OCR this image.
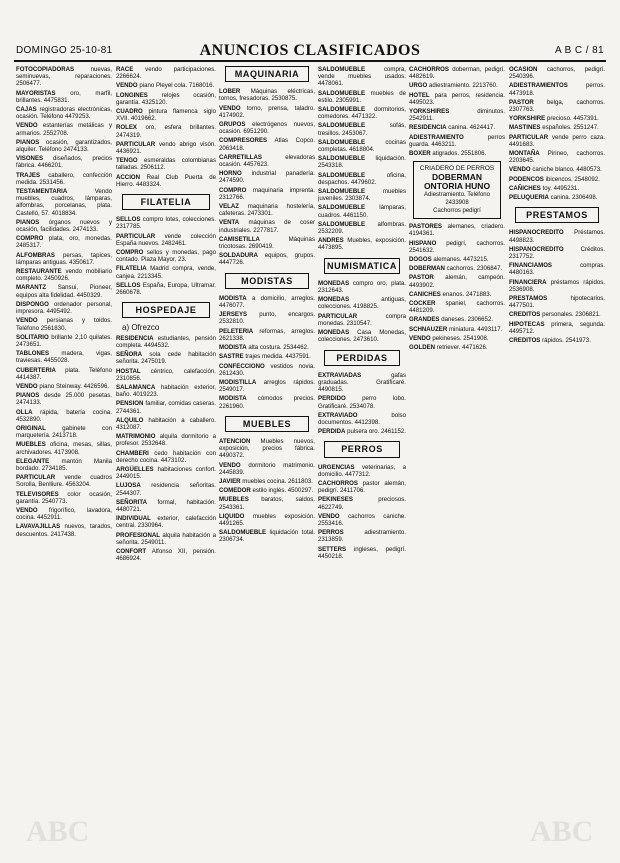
DOMINGO 25-10-81	ANUNCIOS CLASIFICADOS	A B C / 81

FOTOCOPIADORAS	nuevas, seminuevas, reparaciones. 2506477.

MAYORISTAS oro, marfil, brillantes. 4475831.

CAJAS registradoras electrónicas, ocasión. Teléfono 4479253.

VENDO estanterías metálicas y armarios. 2552708.

PIANOS ocasión, garantizados, alquiler. Teléfono 2474133.

VISONES diseñados, precios fábrica. 4466201.

TRAJES caballero, confección medida. 2531456.

TESTAMENTARIA	Vendo muebles, cuadros, lámparas, alfombras, porcelanas, plata. Castelló, 57. 4018834.

PIANOS órganos nuevos y ocasión, facilidades. 2474133.

COMPRO plata, oro, monedas. 2485317.

ALFOMBRAS persas, tapices, lámparas antiguas. 4350617.

RESTAURANTE vendo mobiliario completo. 2450926.

MARANTZ Sansui, Pioneer, equipos alta fidelidad. 4450329.

DISPONGO ordenador personal, impresora. 4495492.

VENDO persianas y toldos. Teléfono 2561830.

SOLITARIO brillante 2,10 quilates. 2473651.

TABLONES madera, vigas, traviesas. 4455028.

CUBERTERIA plata. Teléfono 4414387.

VENDO piano Steinway. 4426596.

PIANOS desde 25.000 pesetas. 2474133.

OLLA rápida, batería cocina. 4532890.

ORIGINAL	gabinete con marquetería. 2413718.

MUEBLES oficina, mesas, sillas, archivadores. 4173908.

ELEGANTE mantón Manila bordado. 2734185.

PARTICULAR vende cuadros Sorolla, Benlliure. 4563204.

TELEVISORES color ocasión, garantía. 2540773.

VENDO frigorífico, lavadora, cocina. 4452911.

LAVAVAJILLAS nuevos, tarados, descuentos. 2417438.

RACE vendo participaciones. 2266624.

VENDO piano Pleyel cola. 7168016.

LONGINES relojes ocasión, garantía. 4325120.

CUADRO pintura flamenca siglo XVII. 4019662.

ROLEX oro, esfera brillantes. 2474319.

PARTICULAR vendo abrigo visón. 4436921.

TENGO esmeraldas colombianas talladas. 2506112.

ACCION Real Club Puerta de Hierro. 4483324.

FILATELIA

SELLOS compro lotes, colecciones. 2317785.

PARTICULAR vende colección España nuevos. 2482461.

COMPRO sellos y monedas, pago contado. Plaza Mayor, 23.

FILATELIA Madrid compra, vende, canjea. 2213345.

SELLOS España, Europa, Ultramar. 2660678.

HOSPEDAJE
a) Ofrezco

RESIDENCIA estudiantes, pensión completa. 4494532.

SEÑORA sola cede habitación señorita. 2475019.

HOSTAL céntrico, calefacción. 2310856.

SALAMANCA habitación exterior, baño. 4019223.

PENSION familiar, comidas caseras. 2744361.

ALQUILO habitación a caballero. 4312087.

MATRIMONIO alquila dormitorio a profesor. 2532648.

CHAMBERI cedo habitación con derecho cocina. 4473102.

ARGÜELLES habitaciones confort. 2449015.

LUJOSA residencia señoritas. 2544307.

SEÑORITA formal, habitación. 4480721.

INDIVIDUAL exterior, calefacción central. 2330964.

PROFESIONAL alquila habitación a señorita. 2549011.

CONFORT Alfonso XII, pensión. 4686924.

MAQUINARIA

LOBER Máquinas eléctricas, tornos, fresadoras. 2530875.

VENDO torno, prensa, taladro. 4174902.

GRUPOS electrógenos nuevos, ocasión. 6951290.

COMPRESORES Atlas Copco. 2063418.

CARRETILLAS	elevadoras ocasión. 4457623.

HORNO industrial panadería. 2474590.

COMPRO maquinaria imprenta. 2312766.

VELAZ maquinaria hostelería, cafeteras. 2473301.

VENTA máquinas de coser industriales. 2277817.

CAMISETILLA	Máquinas tricotosas. 2690419.

SOLDADURA equipos, grupos. 4447726.

MODISTAS

MODISTA a domicilio, arreglos. 4476077.

JERSEYS punto, encargos. 2532810.

PELETERIA reformas, arreglos. 2621338.

MODISTA alta costura. 2534462.

SASTRE trajes medida. 4437591.

CONFECCIONO vestidos novia. 2612430.

MODISTILLA arreglos rápidos. 2549017.

MODISTA cómodos precios. 2261960.

MUEBLES

ATENCION Muebles nuevos, exposición, precios fábrica. 4490372.

VENDO dormitorio matrimonio. 2445839.

JAVIER muebles cocina. 2611803.

COMEDOR estilo inglés. 4500297.

MUEBLES baratos, saldos. 2543361.

LIQUIDO muebles exposición. 4491265.

SALDOMUEBLE liquidación total. 2306734.

SALDOMUEBLE	compra, vende muebles usados. 4478061.

SALDOMUEBLE muebles de estilo. 2305991.

SALDOMUEBLE dormitorios, comedores. 4471322.

SALDOMUEBLE	sofás, tresillos. 2453067.

SALDOMUEBLE	cocinas completas. 4618804.

SALDOMUEBLE liquidación. 2543318.

SALDOMUEBLE	oficina, despachos. 4479602.

SALDOMUEBLE	muebles juveniles. 2303874.

SALDOMUEBLE lámparas, cuadros. 4461150.

SALDOMUEBLE alfombras. 2532209.

ANDRES Muebles, exposición. 4473895.

NUMISMATICA

MONEDAS compro oro, plata. 2312643.

MONEDAS	antiguas, colecciones. 4198825.

PARTICULAR	compra monedas. 2310547.

MONEDAS Casa Monedas, colecciones. 2473610.

PERDIDAS

EXTRAVIADAS	gafas graduadas. Gratificaré. 4490815.

PERDIDO	perro lobo. Gratificaré. 2534078.

EXTRAVIADO	bolso documentos. 4412398.

PERDIDA pulsera oro. 2461152.

PERROS

URGENCIAS veterinarias, a domicilio. 4477312.

CACHORROS pastor alemán, pedigrí. 2411706.

PEKINESES	preciosos. 4622749.

VENDO cachorros caniche. 2553416.

PERROS	adiestramiento. 2313859.

SETTERS ingleses, pedigrí. 4450218.

CACHORROS doberman, pedigrí. 4482619.

URGO adiestramiento. 2213760.

HOTEL para perros, residencia. 4495023.

YORKSHIRES	diminutos. 2542911.

RESIDENCIA canina. 4624417.

ADIESTRAMIENTO	perros guarda. 4463211.

BOXER atigrados. 2551806.

CRIADERO DE PERROS
DOBERMAN
ONTORIA HUNO
Adiestramiento. Teléfono 2433908
Cachorros pedigrí

PASTORES alemanes, criadero. 4194361.

HISPANO pedigrí, cachorros. 2541632.

DOGOS alemanes. 4473215.

DOBERMAN cachorros. 2306847.

PASTOR alemán, campeón. 4493902.

CANICHES enanos. 2471883.

COCKER spaniel, cachorros. 4481209.

GRANDES daneses. 2306652.

SCHNAUZER miniatura. 4493117.

VENDO pekineses. 2541908.

GOLDEN retriever. 4471626.

OCASION cachorros, pedigrí. 2540396.

ADIESTRAMIENTOS	perros. 4473918.

PASTOR belga, cachorros. 2307763.

YORKSHIRE precioso. 4457391.

MASTINES españoles. 2551247.

PARTICULAR vende perro caza. 4491683.

MONTAÑA Pirineo, cachorros. 2203645.

VENDO caniche blanco. 4480573.

PODENCOS ibicencos. 2548092.

CAÑICHES toy. 4495231.

PELUQUERIA canina. 2306498.

PRESTAMOS

HISPANOCREDITO Préstamos. 4498823.

HISPANOCREDITO	Créditos. 2317752.

FINANCIAMOS	compras. 4480163.

FINANCIERA préstamos rápidos. 2536908.

PRESTAMOS	hipotecarios. 4477501.

CREDITOS personales. 2306821.

HIPOTECAS primera, segunda. 4495712.

CREDITOS rápidos. 2541973.

ABC	ABC
